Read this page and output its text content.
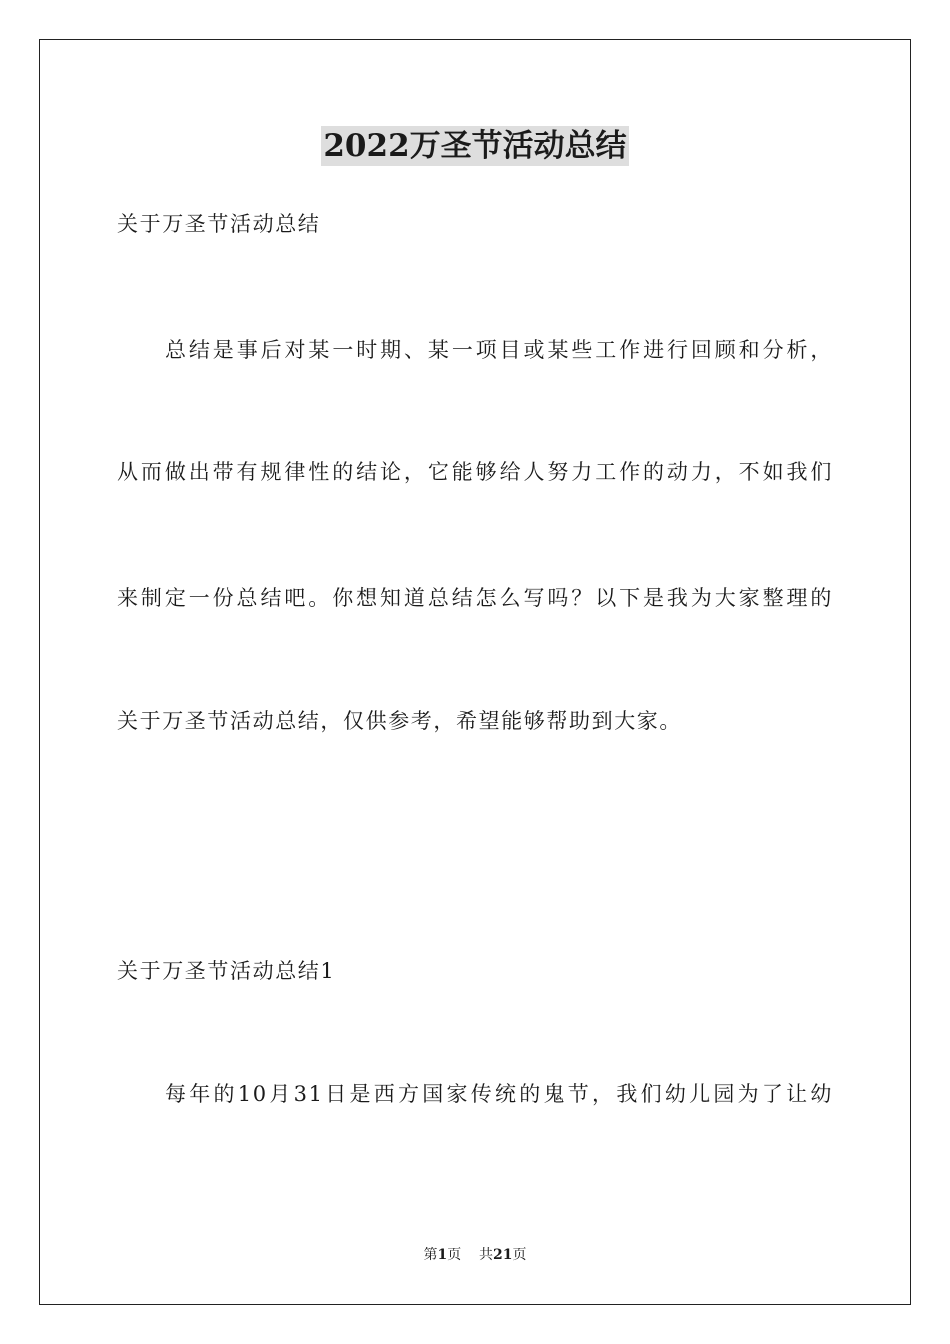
2022万圣节活动总结
关于万圣节活动总结
总结是事后对某一时期、某一项目或某些工作进行回顾和分析，
从而做出带有规律性的结论，它能够给人努力工作的动力，不如我们
来制定一份总结吧。你想知道总结怎么写吗？以下是我为大家整理的
关于万圣节活动总结，仅供参考，希望能够帮助到大家。
关于万圣节活动总结1
每年的10月31日是西方国家传统的鬼节，我们幼儿园为了让幼
第1页 共21页
